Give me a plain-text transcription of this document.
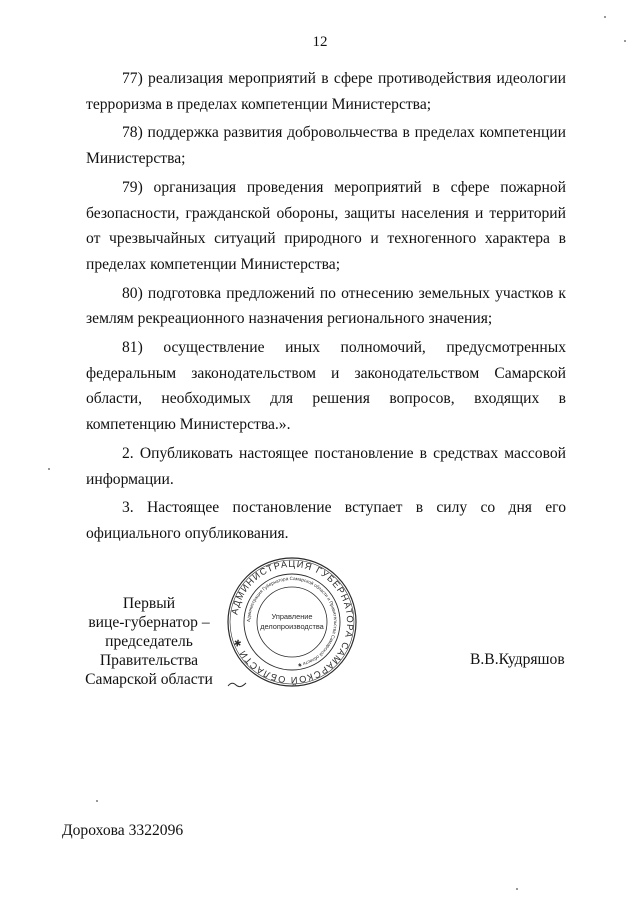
12

77) реализация мероприятий в сфере противодействия идеологии терроризма в пределах компетенции Министерства;

78) поддержка развития добровольчества в пределах компетенции Министерства;

79) организация проведения мероприятий в сфере пожарной безопасности, гражданской обороны, защиты населения и территорий от чрезвычайных ситуаций природного и техногенного характера в пределах компетенции Министерства;

80) подготовка предложений по отнесению земельных участков к землям рекреационного назначения регионального значения;

81) осуществление иных полномочий, предусмотренных федеральным законодательством и законодательством Самарской области, необходимых для решения вопросов, входящих в компетенцию Министерства.».

2. Опубликовать настоящее постановление в средствах массовой информации.

3. Настоящее постановление вступает в силу со дня его официального опубликования.

АДМИНИСТРАЦИЯ ГУБЕРНАТОРА САМАРСКОЙ ОБЛАСТИ ✱
Администрация Губернатора Самарской области и Правительства Самарской области ✱
Управление
делопроизводства
Первый
вице-губернатор –
председатель Правительства
Самарской области
В.В.Кудряшов
Дорохова 3322096
